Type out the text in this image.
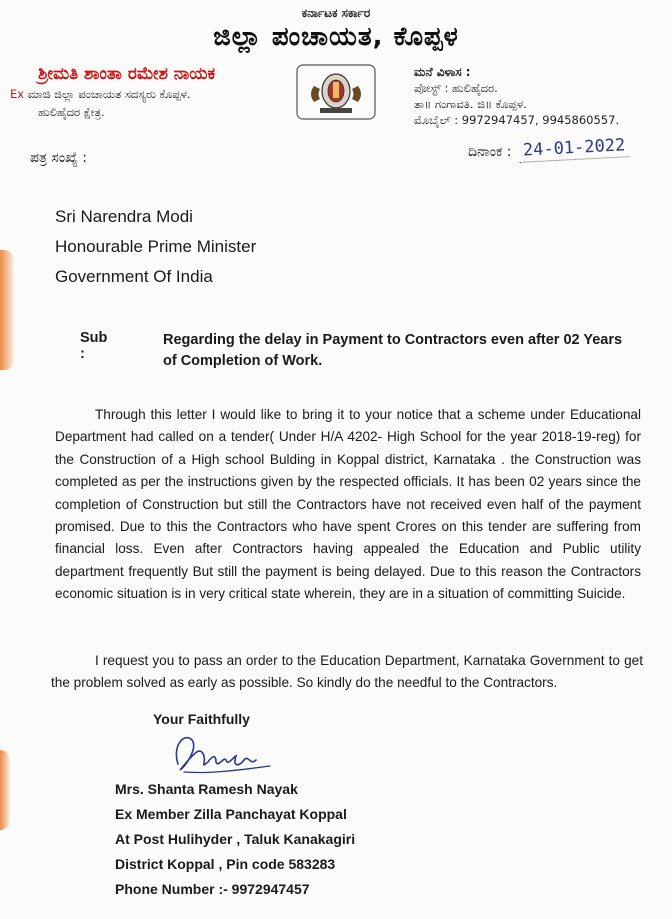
ಕರ್ನಾಟಕ ಸರ್ಕಾರ
ಜಿಲ್ಲಾ ಪಂಚಾಯತ, ಕೊಪ್ಪಳ
ಶ್ರೀಮತಿ ಶಾಂತಾ ರಮೇಶ ನಾಯಕ
Ex ಮಾಜಿ ಜಿಲ್ಲಾ ಪಂಚಾಯತ ಸದಸ್ಯರು ಕೊಪ್ಪಳ.
ಹುಲಿಹೈದರ ಕ್ಷೇತ್ರ.
ಮನೆ ವಿಳಾಸ :
ಪೋಸ್ಟ್ : ಹುಲಿಹೈದರ.
ತಾ॥ ಗಂಗಾವತಿ. ಜಿ॥ ಕೊಪ್ಪಳ.
ಮೊಬೈಲ್ : 9972947457, 9945860557.
ಪತ್ರ ಸಂಖ್ಯೆ :	ದಿನಾಂಕ : 24-01-2022
Sri Narendra Modi
Honourable Prime Minister
Government Of India
Sub :
Regarding the delay in Payment to Contractors even after 02 Years of Completion of Work.
Through this letter I would like to bring it to your notice that a scheme under Educational Department had called on a tender( Under H/A 4202- High School for the year 2018-19-reg) for the Construction of a High school Bulding in Koppal district, Karnataka . the Construction was completed as per the instructions given by the respected officials. It has been 02 years since the completion of Construction but still the Contractors have not received even half of the payment promised. Due to this the Contractors who have spent Crores on this tender are suffering from financial loss. Even after Contractors having appealed the Education and Public utility department frequently But still the payment is being delayed. Due to this reason the Contractors economic situation is in very critical state wherein, they are in a situation of committing Suicide.
I request you to pass an order to the Education Department, Karnataka Government to get the problem solved as early as possible. So kindly do the needful to the Contractors.
Your Faithfully
Mrs. Shanta Ramesh Nayak
Ex Member Zilla Panchayat Koppal
At Post Hulihyder , Taluk Kanakagiri
District Koppal , Pin code 583283
Phone Number :- 9972947457
